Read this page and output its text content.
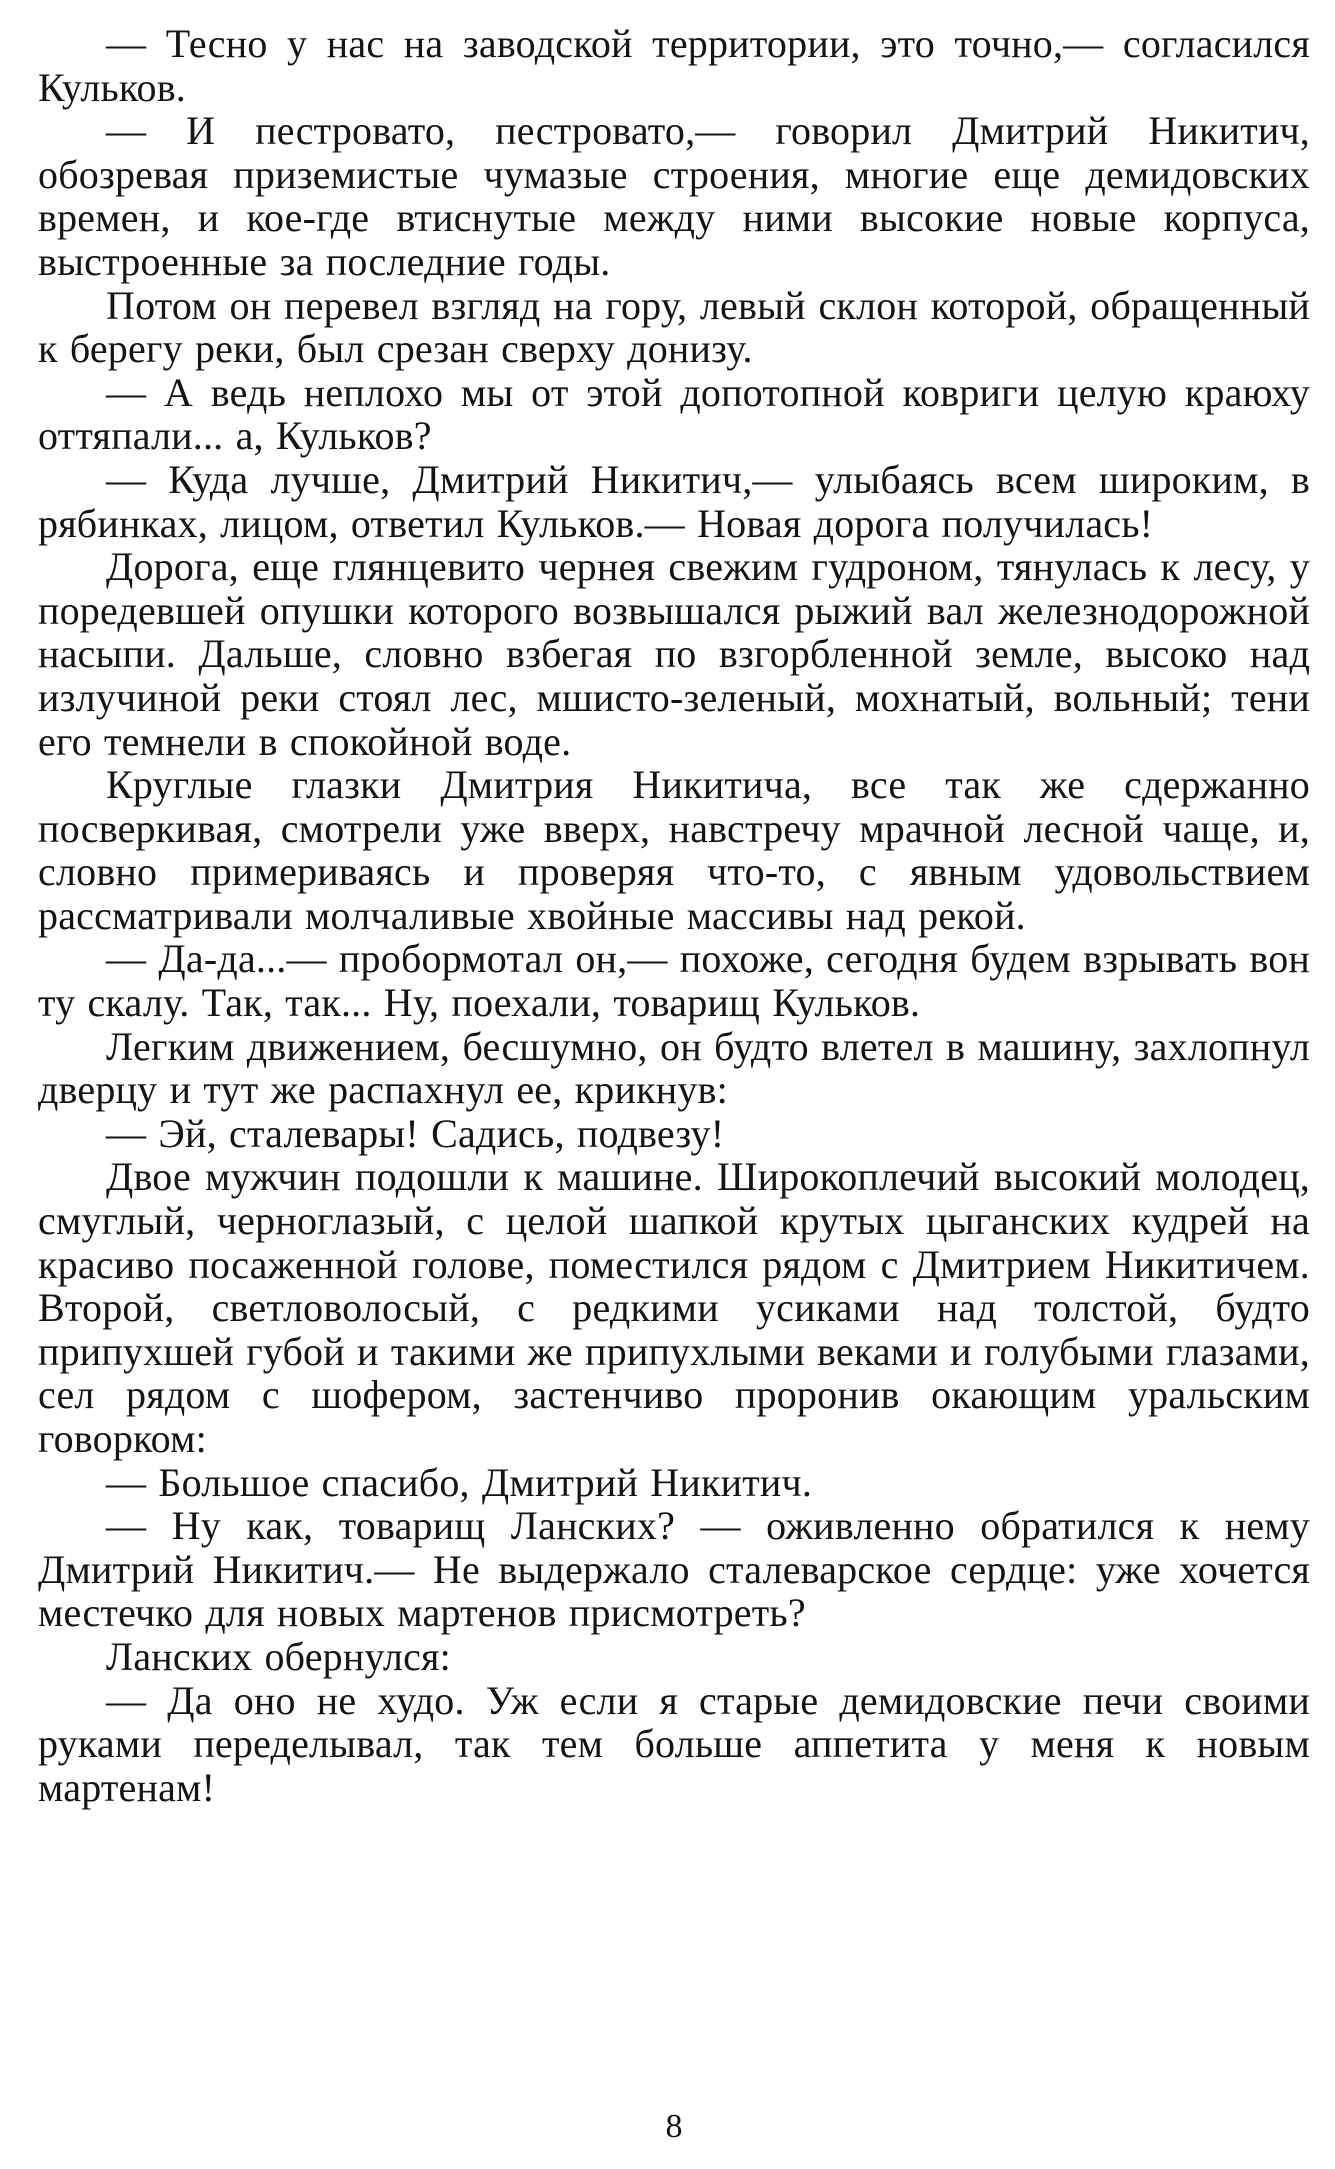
— Тесно у нас на заводской территории, это точно,— согласился Кульков.

— И пестровато, пестровато,— говорил Дмитрий Никитич, обозревая приземистые чумазые строения, многие еще демидовских времен, и кое-где втиснутые между ними высокие новые корпуса, выстроенные за последние годы.

Потом он перевел взгляд на гору, левый склон которой, обращенный к берегу реки, был срезан сверху донизу.

— А ведь неплохо мы от этой допотопной ковриги целую краюху оттяпали... а, Кульков?

— Куда лучше, Дмитрий Никитич,— улыбаясь всем широким, в рябинках, лицом, ответил Кульков.— Новая дорога получилась!

Дорога, еще глянцевито чернея свежим гудроном, тянулась к лесу, у поредевшей опушки которого возвышался рыжий вал железнодорожной насыпи. Дальше, словно взбегая по взгорбленной земле, высоко над излучиной реки стоял лес, мшисто-зеленый, мохнатый, вольный; тени его темнели в спокойной воде.

Круглые глазки Дмитрия Никитича, все так же сдержанно посверкивая, смотрели уже вверх, навстречу мрачной лесной чаще, и, словно примериваясь и проверяя что-то, с явным удовольствием рассматривали молчаливые хвойные массивы над рекой.

— Да-да...— пробормотал он,— похоже, сегодня будем взрывать вон ту скалу. Так, так... Ну, поехали, товарищ Кульков.

Легким движением, бесшумно, он будто влетел в машину, захлопнул дверцу и тут же распахнул ее, крикнув:

— Эй, сталевары! Садись, подвезу!

Двое мужчин подошли к машине. Широкоплечий высокий молодец, смуглый, черноглазый, с целой шапкой крутых цыганских кудрей на красиво посаженной голове, поместился рядом с Дмитрием Никитичем. Второй, светловолосый, с редкими усиками над толстой, будто припухшей губой и такими же припухлыми веками и голубыми глазами, сел рядом с шофером, застенчиво проронив окающим уральским говорком:

— Большое спасибо, Дмитрий Никитич.

— Ну как, товарищ Ланских? — оживленно обратился к нему Дмитрий Никитич.— Не выдержало сталеварское сердце: уже хочется местечко для новых мартенов присмотреть?

Ланских обернулся:

— Да оно не худо. Уж если я старые демидовские печи своими руками переделывал, так тем больше аппетита у меня к новым мартенам!

8
